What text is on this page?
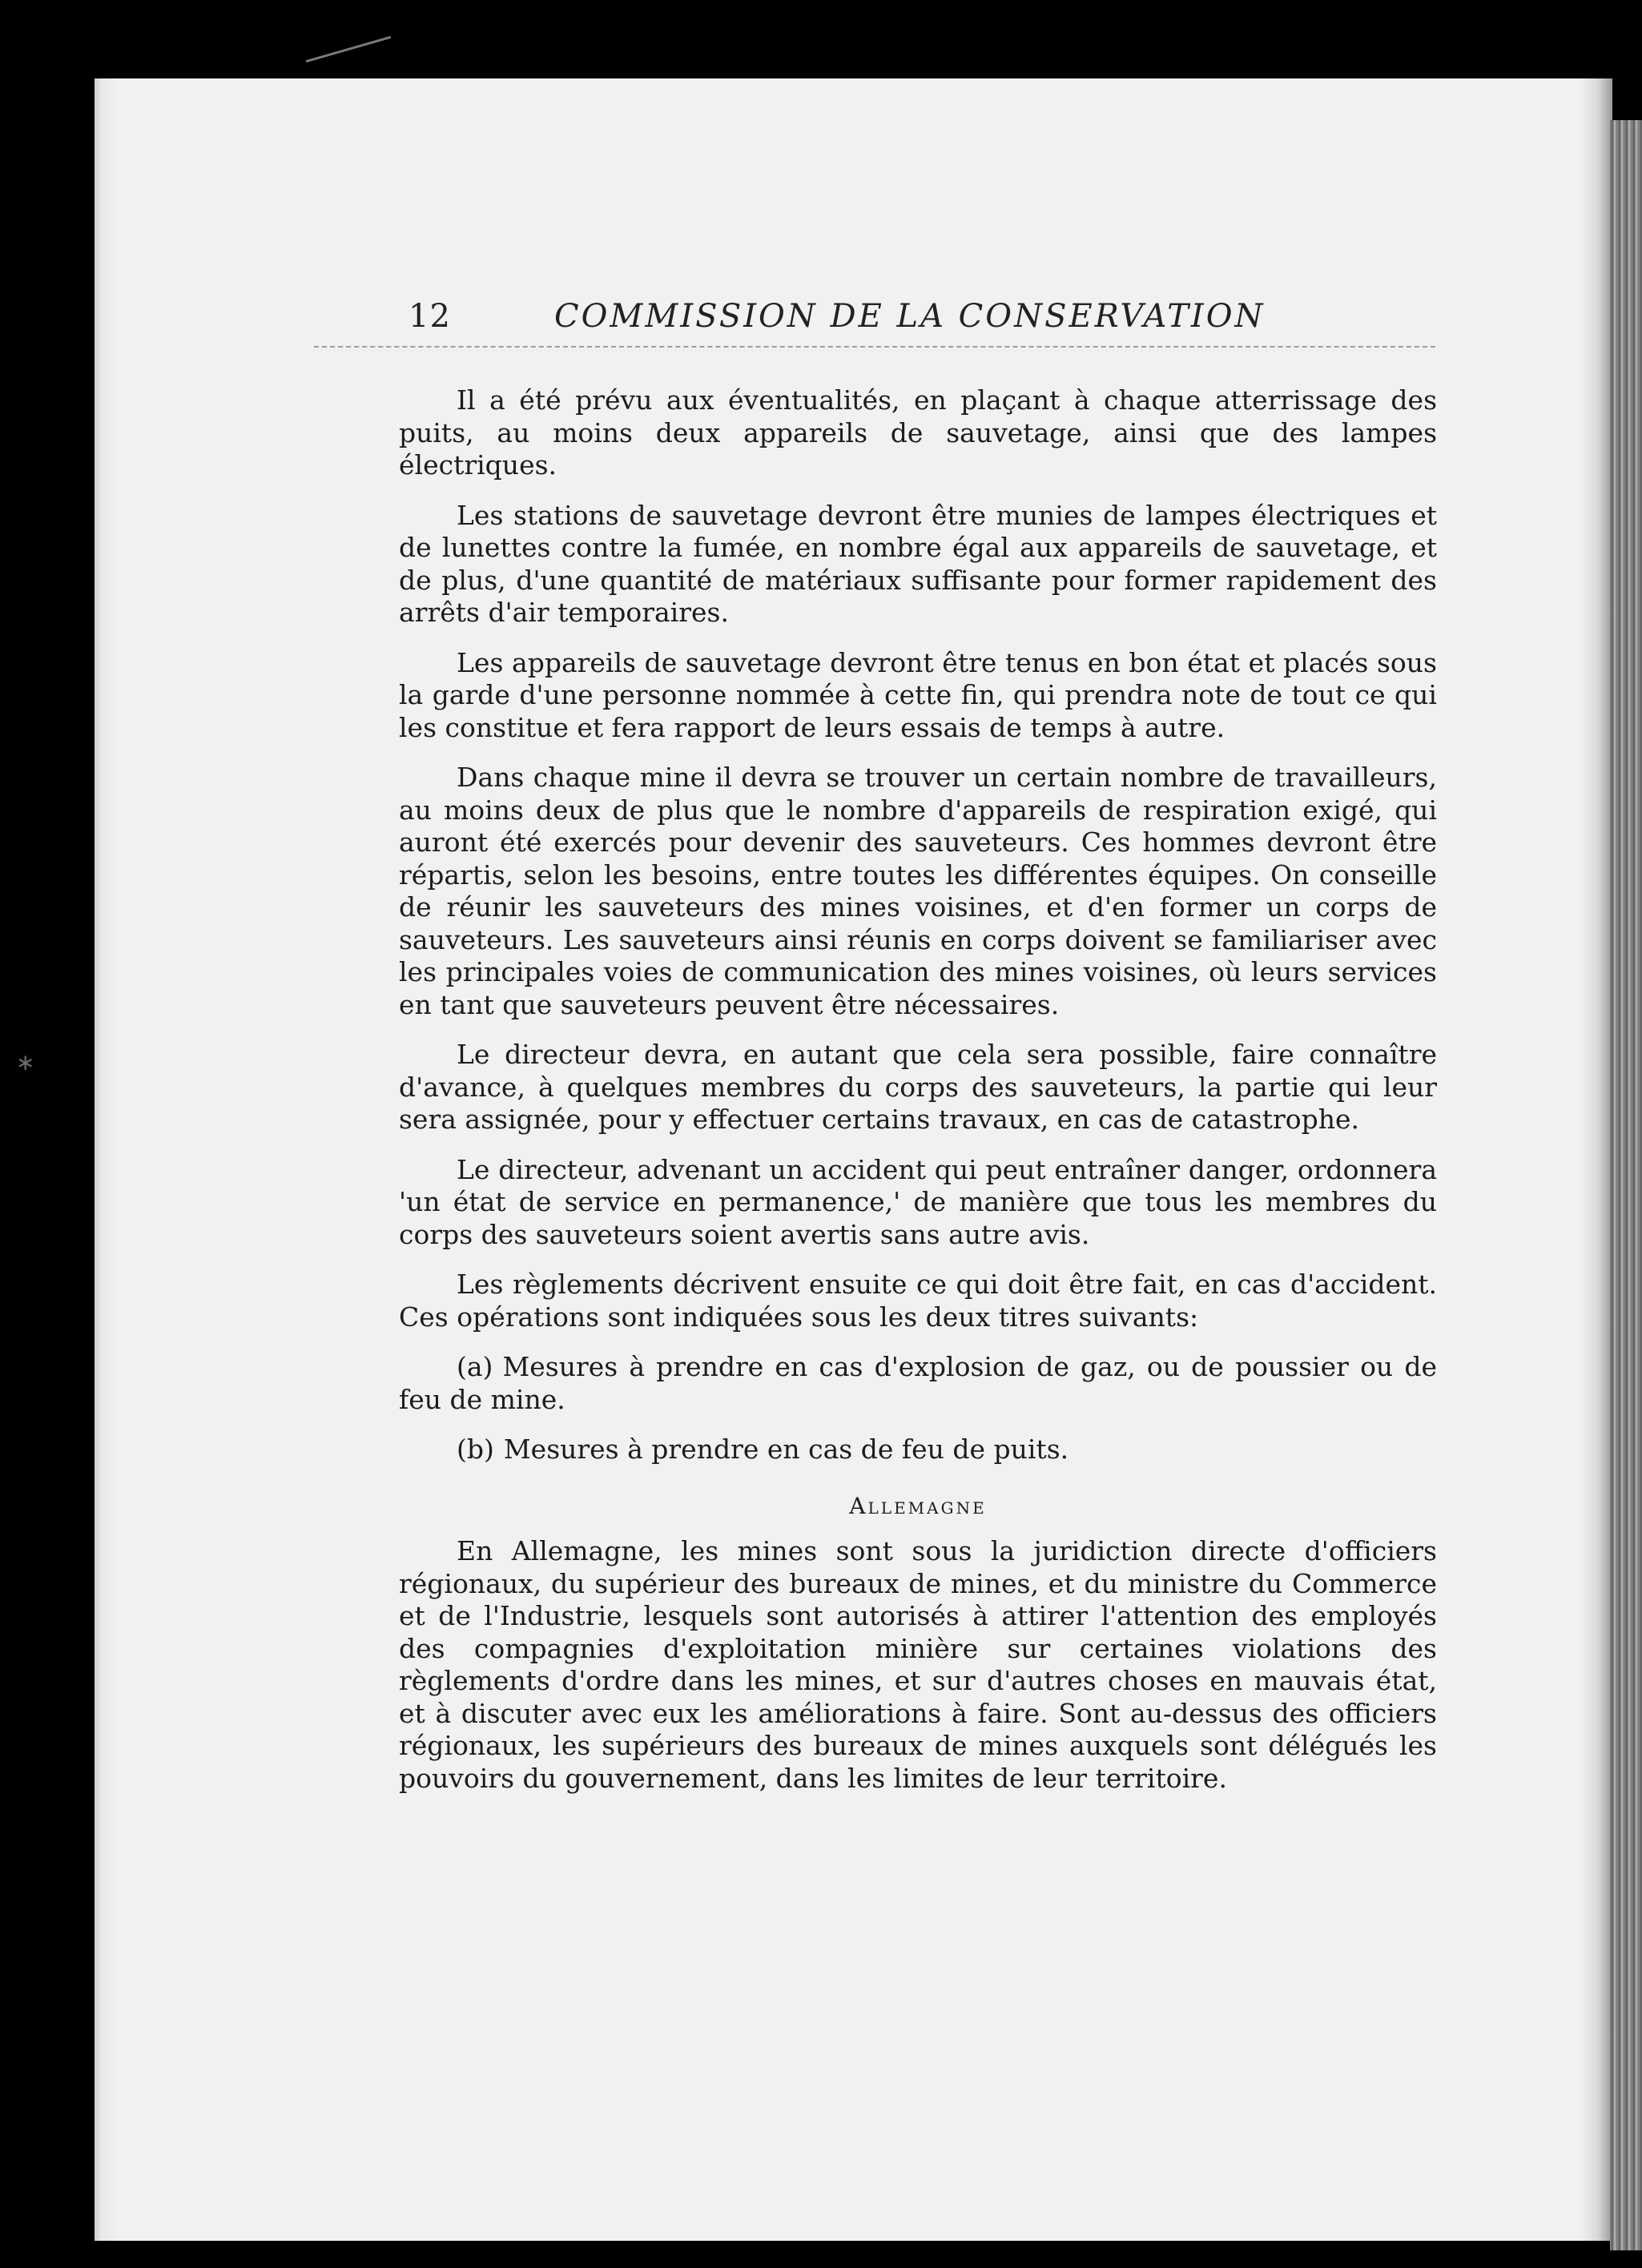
∗
12	COMMISSION DE LA CONSERVATION

Il a été prévu aux éventualités, en plaçant à chaque atterrissage des puits, au moins deux appareils de sauvetage, ainsi que des lampes électriques.

Les stations de sauvetage devront être munies de lampes électriques et de lunettes contre la fumée, en nombre égal aux appareils de sauvetage, et de plus, d'une quantité de matériaux suffisante pour former rapidement des arrêts d'air temporaires.

Les appareils de sauvetage devront être tenus en bon état et placés sous la garde d'une personne nommée à cette fin, qui prendra note de tout ce qui les constitue et fera rapport de leurs essais de temps à autre.

Dans chaque mine il devra se trouver un certain nombre de travailleurs, au moins deux de plus que le nombre d'appareils de respiration exigé, qui auront été exercés pour devenir des sauveteurs. Ces hommes devront être répartis, selon les besoins, entre toutes les différentes équipes. On conseille de réunir les sauveteurs des mines voisines, et d'en former un corps de sauveteurs. Les sauveteurs ainsi réunis en corps doivent se familiariser avec les principales voies de communication des mines voisines, où leurs services en tant que sauveteurs peuvent être nécessaires.

Le directeur devra, en autant que cela sera possible, faire connaître d'avance, à quelques membres du corps des sauveteurs, la partie qui leur sera assignée, pour y effectuer certains travaux, en cas de catastrophe.

Le directeur, advenant un accident qui peut entraîner danger, ordonnera 'un état de service en permanence,' de manière que tous les membres du corps des sauveteurs soient avertis sans autre avis.

Les règlements décrivent ensuite ce qui doit être fait, en cas d'accident. Ces opérations sont indiquées sous les deux titres suivants:

(a) Mesures à prendre en cas d'explosion de gaz, ou de poussier ou de feu de mine.

(b) Mesures à prendre en cas de feu de puits.

Allemagne

En Allemagne, les mines sont sous la juridiction directe d'officiers régionaux, du supérieur des bureaux de mines, et du ministre du Commerce et de l'Industrie, lesquels sont autorisés à attirer l'attention des employés des compagnies d'exploitation minière sur certaines violations des règlements d'ordre dans les mines, et sur d'autres choses en mauvais état, et à discuter avec eux les améliorations à faire. Sont au-dessus des officiers régionaux, les supérieurs des bureaux de mines auxquels sont délégués les pouvoirs du gouvernement, dans les limites de leur territoire.
